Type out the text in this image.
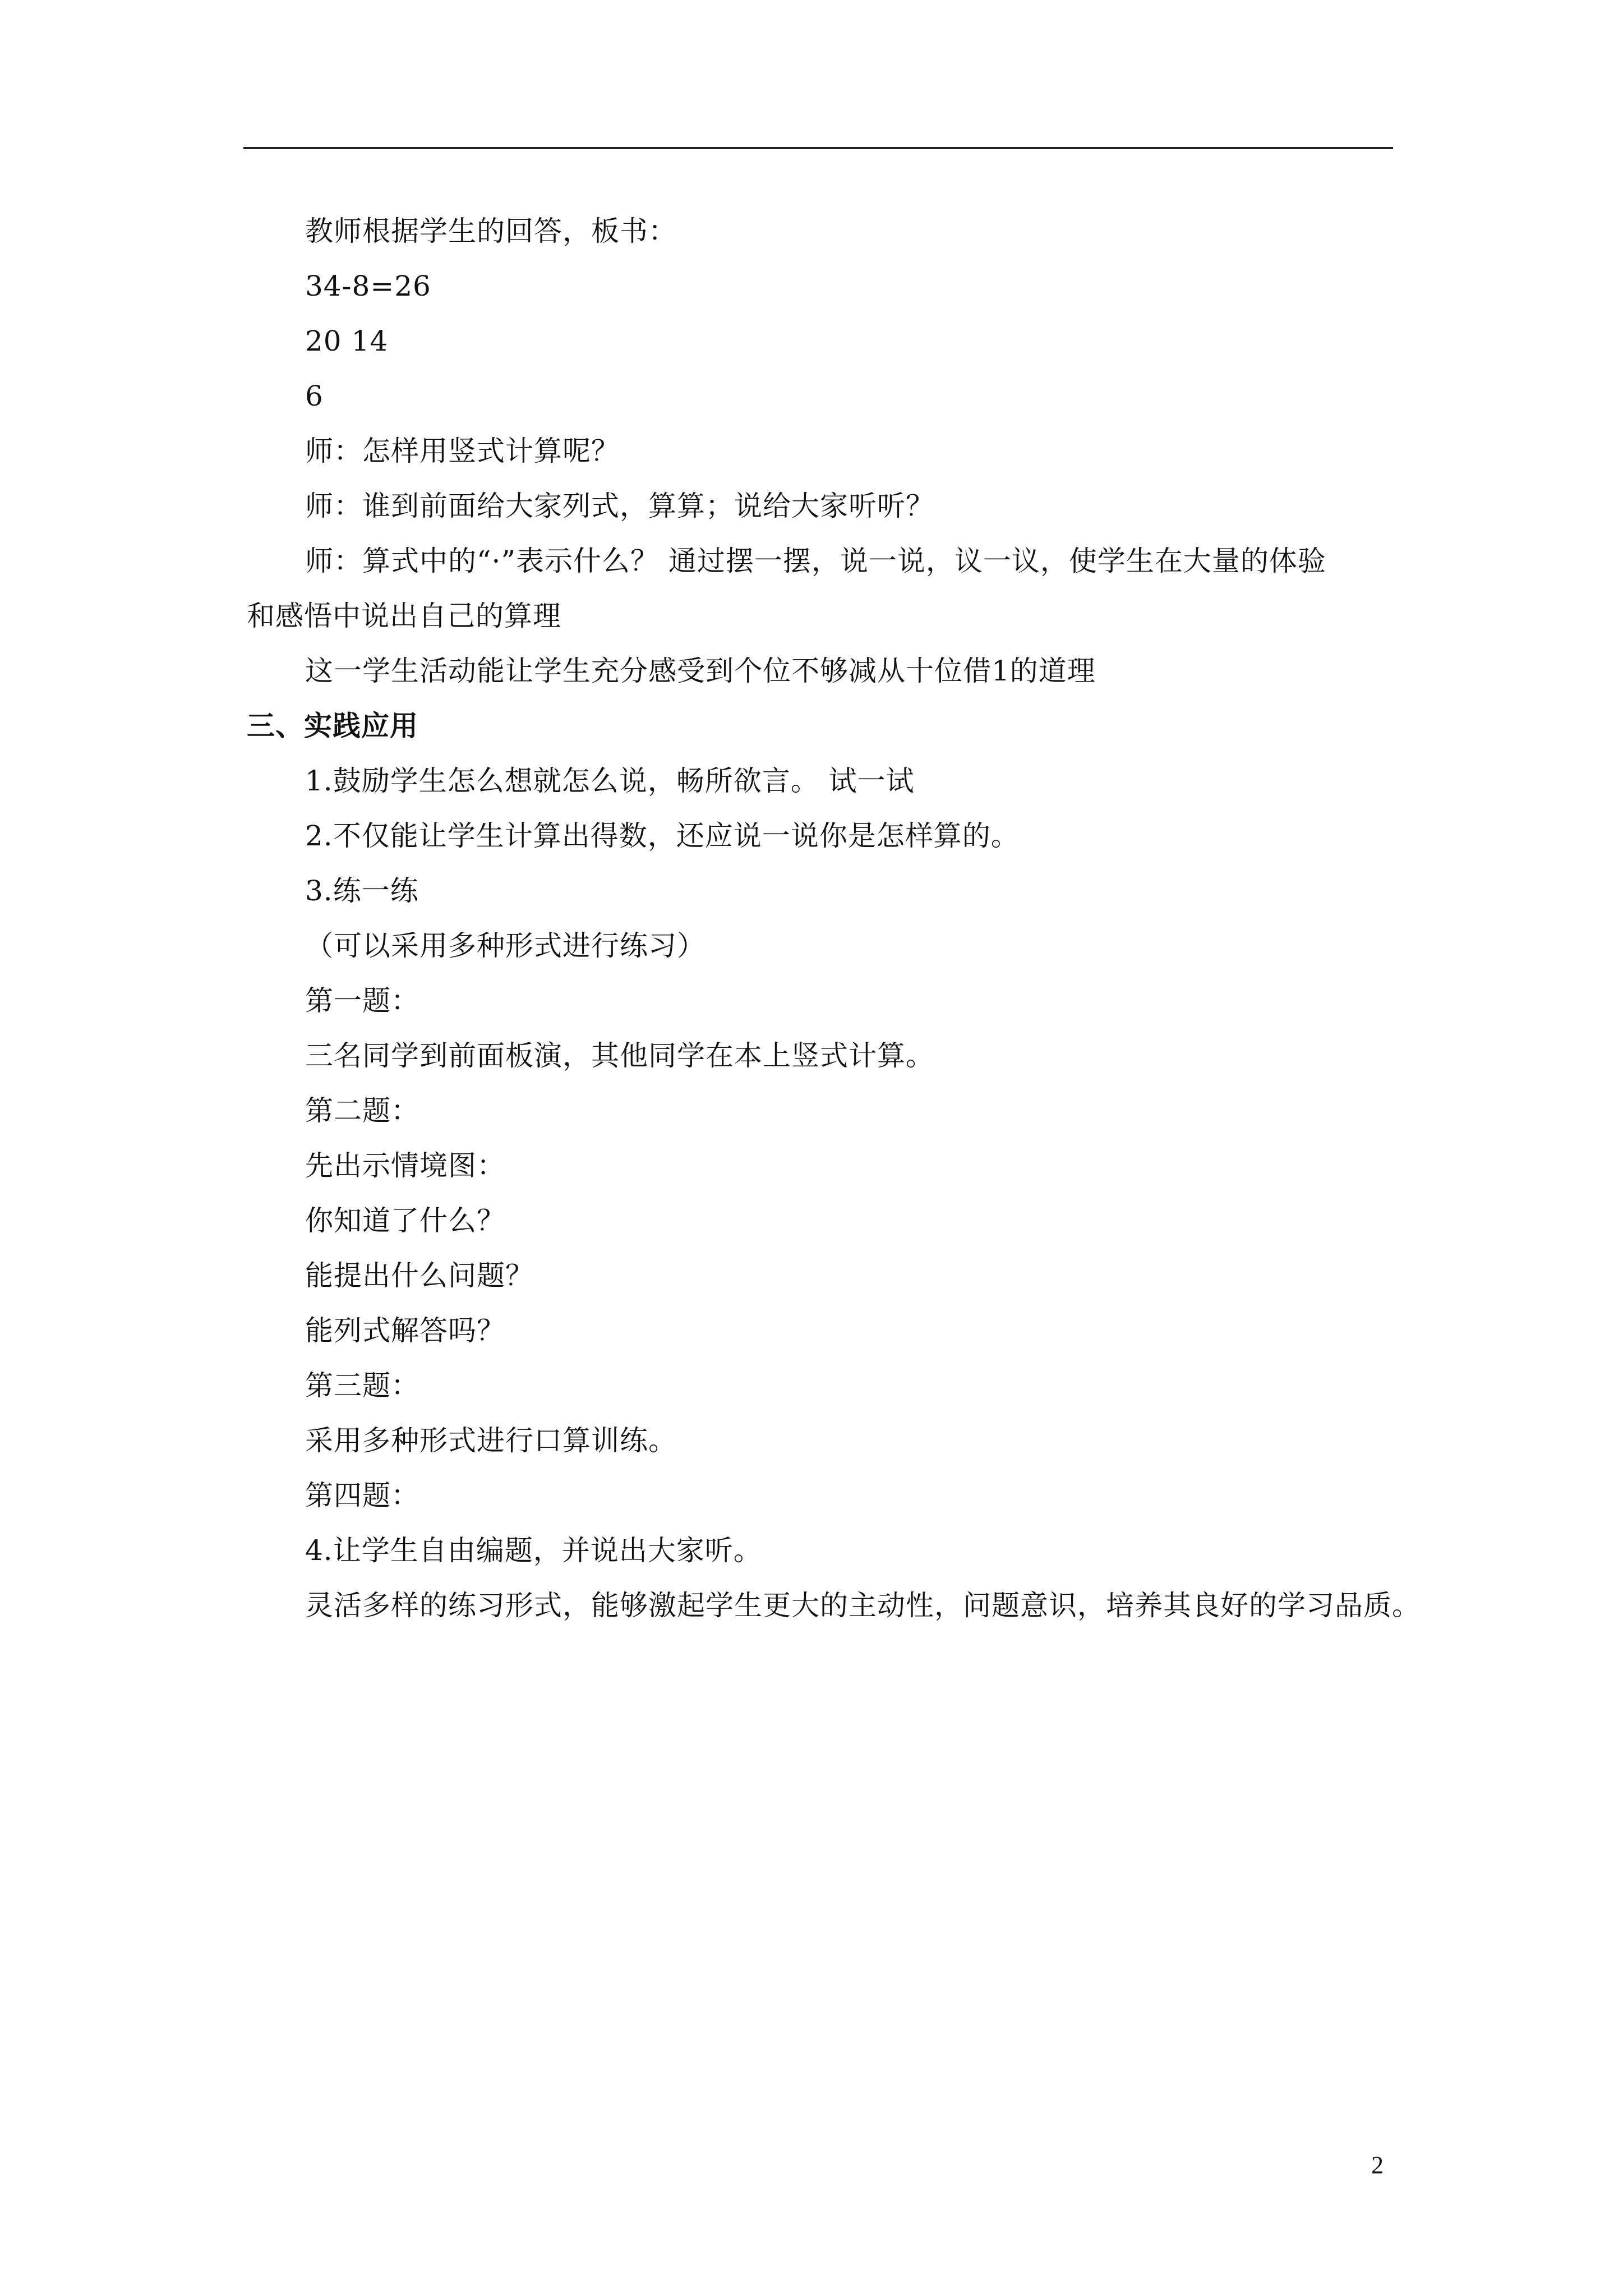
教师根据学生的回答，板书：
34-8=26
20 14
6
师：怎样用竖式计算呢？
师：谁到前面给大家列式，算算；说给大家听听？
师：算式中的“·”表示什么？ 通过摆一摆，说一说，议一议，使学生在大量的体验
和感悟中说出自己的算理
这一学生活动能让学生充分感受到个位不够减从十位借1的道理
三、实践应用
1.鼓励学生怎么想就怎么说，畅所欲言。 试一试
2.不仅能让学生计算出得数，还应说一说你是怎样算的。
3.练一练
（可以采用多种形式进行练习）
第一题：
三名同学到前面板演，其他同学在本上竖式计算。
第二题：
先出示情境图：
你知道了什么？
能提出什么问题？
能列式解答吗？
第三题：
采用多种形式进行口算训练。
第四题：
4.让学生自由编题，并说出大家听。
灵活多样的练习形式，能够激起学生更大的主动性，问题意识，培养其良好的学习品质。
2
